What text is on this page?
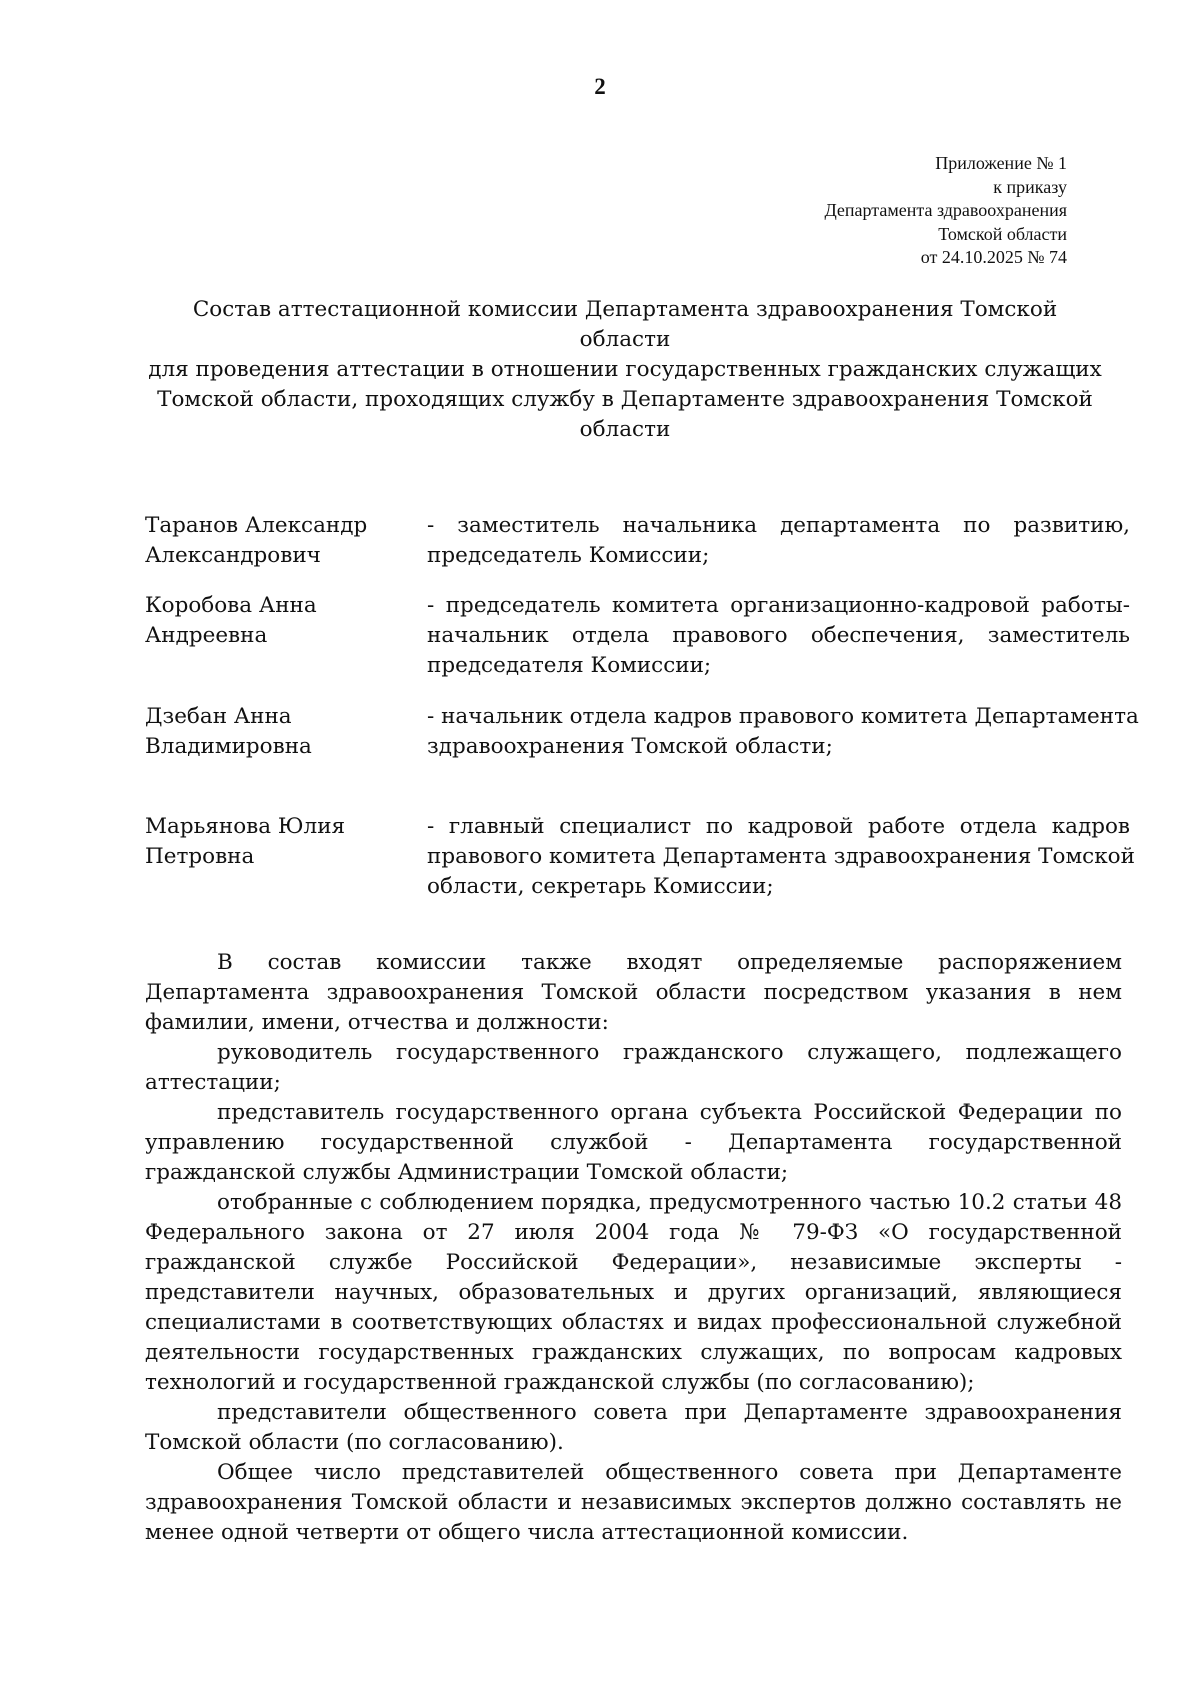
2
Приложение № 1
к приказу
Департамента здравоохранения
Томской области
от 24.10.2025 № 74
Состав аттестационной комиссии Департамента здравоохранения Томской области
для проведения аттестации в отношении государственных гражданских служащих
Томской области, проходящих службу в Департаменте здравоохранения Томской
области
Таранов Александр
Александрович
- заместитель начальника департамента по развитию,
председатель Комиссии;
Коробова Анна
Андреевна
- председатель комитета организационно-кадровой работы-
начальник отдела правового обеспечения, заместитель
председателя Комиссии;
Дзебан Анна
Владимировна
- начальник отдела кадров правового комитета Департамента
здравоохранения Томской области;
Марьянова Юлия
Петровна
- главный специалист по кадровой работе отдела кадров
правового комитета Департамента здравоохранения Томской
области, секретарь Комиссии;

В состав комиссии также входят определяемые распоряжением Департамента здравоохранения Томской области посредством указания в нем фамилии, имени, отчества и должности:

руководитель государственного гражданского служащего, подлежащего аттестации;

представитель государственного органа субъекта Российской Федерации по управлению государственной службой - Департамента государственной гражданской службы Администрации Томской области;

отобранные с соблюдением порядка, предусмотренного частью 10.2 статьи 48 Федерального закона от 27 июля 2004 года № 79-ФЗ «О государственной гражданской службе Российской Федерации», независимые эксперты - представители научных, образовательных и других организаций, являющиеся специалистами в соответствующих областях и видах профессиональной служебной деятельности государственных гражданских служащих, по вопросам кадровых технологий и государственной гражданской службы (по согласованию);

представители общественного совета при Департаменте здравоохранения Томской области (по согласованию).

Общее число представителей общественного совета при Департаменте здравоохранения Томской области и независимых экспертов должно составлять не менее одной четверти от общего числа аттестационной комиссии.
